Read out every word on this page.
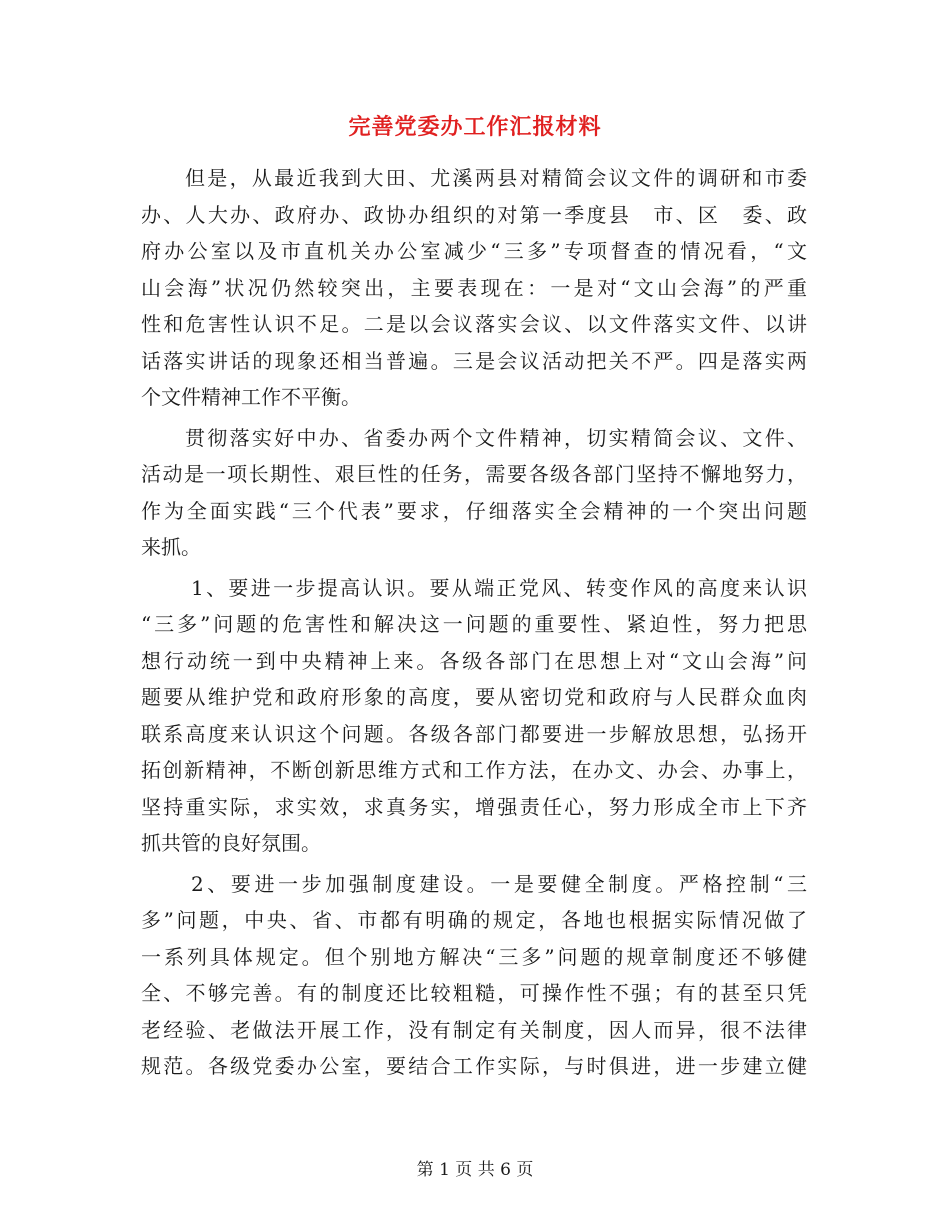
完善党委办工作汇报材料
但是，从最近我到大田、尤溪两县对精简会议文件的调研和市委
办、人大办、政府办、政协办组织的对第一季度县　市、区　委、政
府办公室以及市直机关办公室减少“三多”专项督查的情况看，“文
山会海”状况仍然较突出，主要表现在：一是对“文山会海”的严重
性和危害性认识不足。二是以会议落实会议、以文件落实文件、以讲
话落实讲话的现象还相当普遍。三是会议活动把关不严。四是落实两
个文件精神工作不平衡。
贯彻落实好中办、省委办两个文件精神，切实精简会议、文件、
活动是一项长期性、艰巨性的任务，需要各级各部门坚持不懈地努力，
作为全面实践“三个代表”要求，仔细落实全会精神的一个突出问题
来抓。
1、要进一步提高认识。要从端正党风、转变作风的高度来认识
“三多”问题的危害性和解决这一问题的重要性、紧迫性，努力把思
想行动统一到中央精神上来。各级各部门在思想上对“文山会海”问
题要从维护党和政府形象的高度，要从密切党和政府与人民群众血肉
联系高度来认识这个问题。各级各部门都要进一步解放思想，弘扬开
拓创新精神，不断创新思维方式和工作方法，在办文、办会、办事上，
坚持重实际，求实效，求真务实，增强责任心，努力形成全市上下齐
抓共管的良好氛围。
2、要进一步加强制度建设。一是要健全制度。严格控制“三
多”问题，中央、省、市都有明确的规定，各地也根据实际情况做了
一系列具体规定。但个别地方解决“三多”问题的规章制度还不够健
全、不够完善。有的制度还比较粗糙，可操作性不强；有的甚至只凭
老经验、老做法开展工作，没有制定有关制度，因人而异，很不法律
规范。各级党委办公室，要结合工作实际，与时俱进，进一步建立健
第 1 页 共 6 页
